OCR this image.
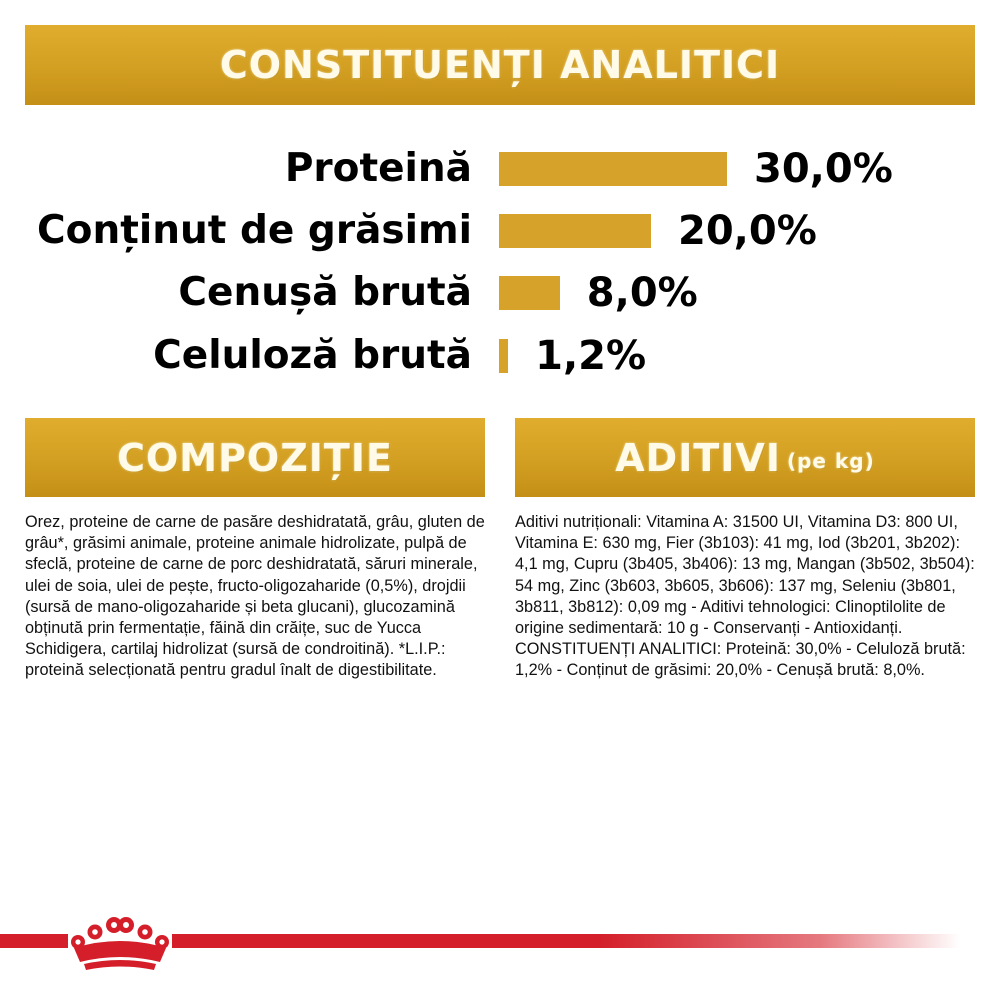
CONSTITUENȚI ANALITICI
Proteină	30,0%
Conținut de grăsimi	20,0%
Cenușă brută	8,0%
Celuloză brută 1,2%
COMPOZIȚIE	ADITIVI (pe kg)
Orez, proteine de carne de pasăre deshidratată, grâu, gluten de grâu*, grăsimi animale, proteine animale hidrolizate, pulpă de sfeclă, proteine de carne de porc deshidratată, săruri minerale, ulei de soia, ulei de pește, fructo-oligozaharide (0,5%), drojdii (sursă de mano-oligozaharide și beta glucani), glucozamină obținută prin fermentație, făină din crăițe, suc de Yucca Schidigera, cartilaj hidrolizat (sursă de condroitină). *L.I.P.: proteină selecționată pentru gradul înalt de digestibilitate.
Aditivi nutriționali: Vitamina A: 31500 UI, Vitamina D3: 800 UI, Vitamina E: 630 mg, Fier (3b103): 41 mg, Iod (3b201, 3b202): 4,1 mg, Cupru (3b405, 3b406): 13 mg, Mangan (3b502, 3b504): 54 mg, Zinc (3b603, 3b605, 3b606): 137 mg, Seleniu (3b801, 3b811, 3b812): 0,09 mg - Aditivi tehnologici: Clinoptilolite de origine sedimentară: 10 g - Conservanți - Antioxidanți. CONSTITUENȚI ANALITICI: Proteină: 30,0% - Celuloză brută: 1,2% - Conținut de grăsimi: 20,0% - Cenușă brută: 8,0%.
